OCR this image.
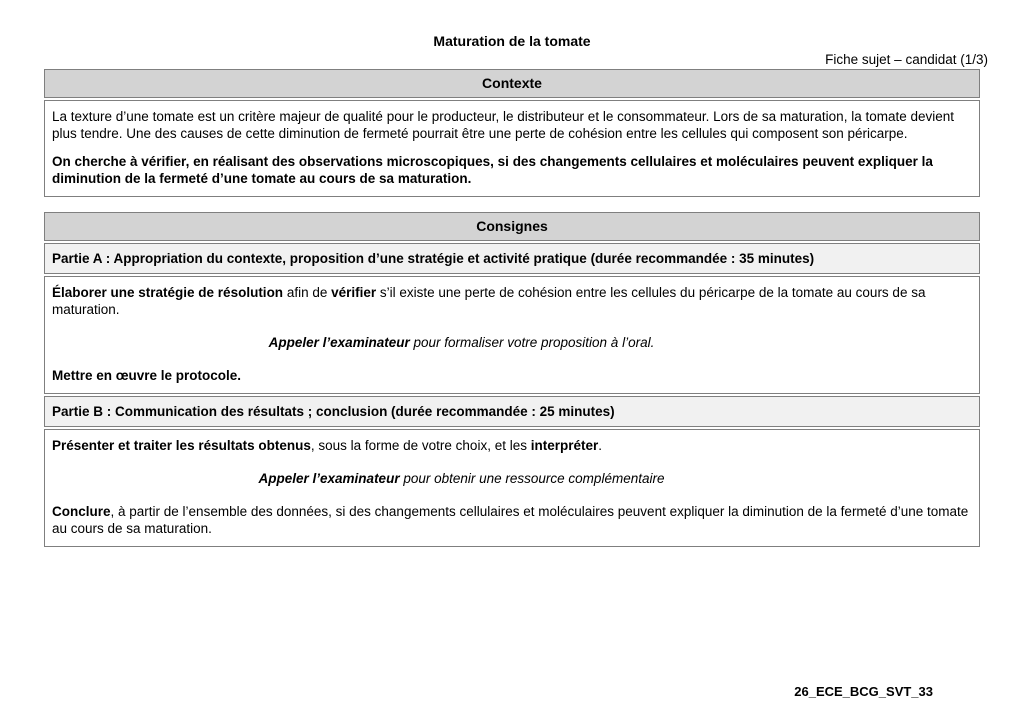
Maturation de la tomate
Fiche sujet – candidat (1/3)
Contexte

La texture d’une tomate est un critère majeur de qualité pour le producteur, le distributeur et le consommateur. Lors de sa maturation, la tomate devient plus tendre. Une des causes de cette diminution de fermeté pourrait être une perte de cohésion entre les cellules qui composent son péricarpe.

On cherche à vérifier, en réalisant des observations microscopiques, si des changements cellulaires et moléculaires peuvent expliquer la diminution de la fermeté d’une tomate au cours de sa maturation.

Consignes
Partie A : Appropriation du contexte, proposition d’une stratégie et activité pratique (durée recommandée : 35 minutes)

Élaborer une stratégie de résolution afin de vérifier s’il existe une perte de cohésion entre les cellules du péricarpe de la tomate au cours de sa maturation.

Appeler l’examinateur pour formaliser votre proposition à l’oral.

Mettre en œuvre le protocole.

Partie B : Communication des résultats ; conclusion (durée recommandée : 25 minutes)

Présenter et traiter les résultats obtenus, sous la forme de votre choix, et les interpréter.

Appeler l’examinateur pour obtenir une ressource complémentaire

Conclure, à partir de l’ensemble des données, si des changements cellulaires et moléculaires peuvent expliquer la diminution de la fermeté d’une tomate au cours de sa maturation.

26_ECE_BCG_SVT_33
